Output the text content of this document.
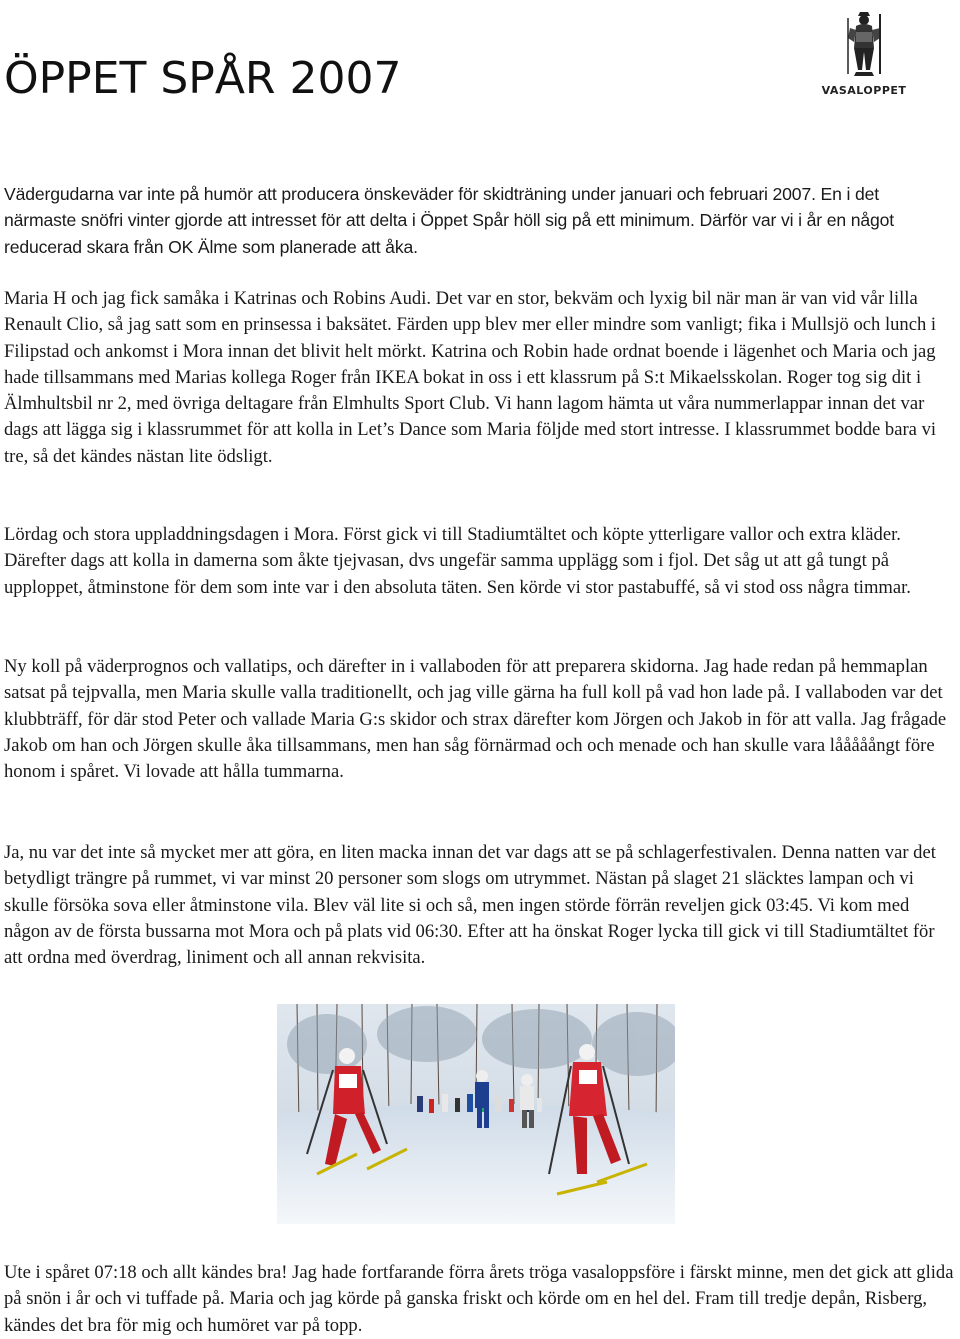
ÖPPET SPÅR 2007	VASALOPPET

Vädergudarna var inte på humör att producera önskeväder för skidträning under januari och februari 2007. En i det närmaste snöfri vinter gjorde att intresset för att delta i Öppet Spår höll sig på ett minimum. Därför var vi i år en något reducerad skara från OK Älme som planerade att åka.

Maria H och jag fick samåka i Katrinas och Robins Audi. Det var en stor, bekväm och lyxig bil när man är van vid vår lilla Renault Clio, så jag satt som en prinsessa i baksätet. Färden upp blev mer eller mindre som vanligt; fika i Mullsjö och lunch i Filipstad och ankomst i Mora innan det blivit helt mörkt. Katrina och Robin hade ordnat boende i lägenhet och Maria och jag hade tillsammans med Marias kollega Roger från IKEA bokat in oss i ett klassrum på S:t Mikaelsskolan. Roger tog sig dit i Älmhultsbil nr 2, med övriga deltagare från Elmhults Sport Club. Vi hann lagom hämta ut våra nummerlappar innan det var dags att lägga sig i klassrummet för att kolla in Let’s Dance som Maria följde med stort intresse. I klassrummet bodde bara vi tre, så det kändes nästan lite ödsligt.

Lördag och stora uppladdningsdagen i Mora. Först gick vi till Stadiumtältet och köpte ytterligare vallor och extra kläder. Därefter dags att kolla in damerna som åkte tjejvasan, dvs ungefär samma upplägg som i fjol. Det såg ut att gå tungt på upploppet, åtminstone för dem som inte var i den absoluta täten. Sen körde vi stor pastabuffé, så vi stod oss några timmar.

Ny koll på väderprognos och vallatips, och därefter in i vallaboden för att preparera skidorna. Jag hade redan på hemmaplan satsat på tejpvalla, men Maria skulle valla traditionellt, och jag ville gärna ha full koll på vad hon lade på. I vallaboden var det klubbträff, för där stod Peter och vallade Maria G:s skidor och strax därefter kom Jörgen och Jakob in för att valla. Jag frågade Jakob om han och Jörgen skulle åka tillsammans, men han såg förnärmad och och menade och han skulle vara lååååångt före honom i spåret. Vi lovade att hålla tummarna.

Ja, nu var det inte så mycket mer att göra, en liten macka innan det var dags att se på schlagerfestivalen. Denna natten var det betydligt trängre på rummet, vi var minst 20 personer som slogs om utrymmet. Nästan på slaget 21 släcktes lampan och vi skulle försöka sova eller åtminstone vila. Blev väl lite si och så, men ingen störde förrän reveljen gick 03:45. Vi kom med någon av de första bussarna mot Mora och på plats vid 06:30. Efter att ha önskat Roger lycka till gick vi till Stadiumtältet för att ordna med överdrag, liniment och all annan rekvisita.

Ute i spåret 07:18 och allt kändes bra! Jag hade fortfarande förra årets tröga vasaloppsföre i färskt minne, men det gick att glida på snön i år och vi tuffade på. Maria och jag körde på ganska friskt och körde om en hel del. Fram till tredje depån, Risberg, kändes det bra för mig och humöret var på topp.
